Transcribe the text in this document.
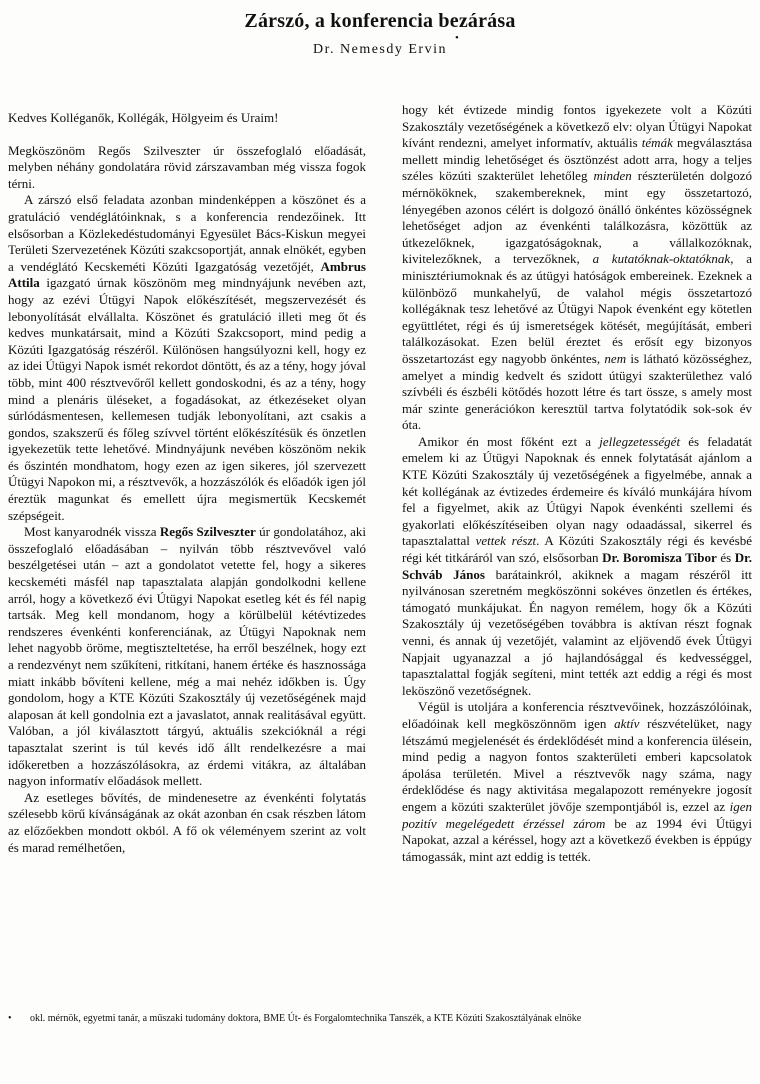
Zárszó, a konferencia bezárása
•
Dr. Nemesdy Ervin

Kedves Kolléganők, Kollégák, Hölgyeim és Uraim!

Megköszönöm Regős Szilveszter úr összefoglaló előadását, melyben néhány gondolatára rövid zárszavamban még vissza fogok térni.

A zárszó első feladata azonban mindenképpen a köszönet és a gratuláció vendéglátóinknak, s a konferencia rendezőinek. Itt elsősorban a Közlekedéstudományi Egyesület Bács-Kiskun megyei Területi Szervezetének Közúti szakcsoportját, annak elnökét, egyben a vendéglátó Kecskeméti Közúti Igazgatóság vezetőjét, Ambrus Attila igazgató úrnak köszönöm meg mindnyájunk nevében azt, hogy az ezévi Útügyi Napok előkészítését, megszervezését és lebonyolítását elvállalta. Köszönet és gratuláció illeti meg őt és kedves munkatársait, mind a Közúti Szakcsoport, mind pedig a Közúti Igazgatóság részéről. Különösen hangsúlyozni kell, hogy ez az idei Útügyi Napok ismét rekordot döntött, és az a tény, hogy jóval több, mint 400 résztvevőről kellett gondoskodni, és az a tény, hogy mind a plenáris üléseket, a fogadásokat, az étkezéseket olyan súrlódásmentesen, kellemesen tudják lebonyolítani, azt csakis a gondos, szakszerű és főleg szívvel történt előkészítésük és önzetlen igyekezetük tette lehetővé. Mindnyájunk nevében köszönöm nekik és őszintén mondhatom, hogy ezen az igen sikeres, jól szervezett Útügyi Napokon mi, a résztvevők, a hozzászólók és előadók igen jól éreztük magunkat és emellett újra megismertük Kecskemét szépségeit.

Most kanyarodnék vissza Regős Szilveszter úr gondolatához, aki összefoglaló előadásában – nyilván több résztvevővel való beszélgetései után – azt a gondolatot vetette fel, hogy a sikeres kecskeméti másfél nap tapasztalata alapján gondolkodni kellene arról, hogy a következő évi Útügyi Napokat esetleg két és fél napig tartsák. Meg kell mondanom, hogy a körülbelül kétévtizedes rendszeres évenkénti konferenciának, az Útügyi Napoknak nem lehet nagyobb öröme, megtiszteltetése, ha erről beszélnek, hogy ezt a rendezvényt nem szűkíteni, ritkítani, hanem értéke és hasznossága miatt inkább bővíteni kellene, még a mai nehéz időkben is. Úgy gondolom, hogy a KTE Közúti Szakosztály új vezetőségének majd alaposan át kell gondolnia ezt a javaslatot, annak realitásával együtt. Valóban, a jól kiválasztott tárgyú, aktuális szekcióknál a régi tapasztalat szerint is túl kevés idő állt rendelkezésre a mai időkeretben a hozzászólásokra, az érdemi vitákra, az általában nagyon informatív előadások mellett.

Az esetleges bővítés, de mindenesetre az évenkénti folytatás szélesebb körű kívánságának az okát azonban én csak részben látom az előzőekben mondott okból. A fő ok véleményem szerint az volt és marad remélhetően,

hogy két évtizede mindig fontos igyekezete volt a Közúti Szakosztály vezetőségének a következő elv: olyan Útügyi Napokat kívánt rendezni, amelyet informatív, aktuális témák megválasztása mellett mindig lehetőséget és ösztönzést adott arra, hogy a teljes széles közúti szakterület lehetőleg minden részterületén dolgozó mérnököknek, szakembereknek, mint egy összetartozó, lényegében azonos célért is dolgozó önálló önkéntes közösségnek lehetőséget adjon az évenkénti találkozásra, közöttük az útkezelőknek, igazgatóságoknak, a vállalkozóknak, kivitelezőknek, a tervezőknek, a kutatóknak-oktatóknak, a minisztériumoknak és az útügyi hatóságok embereinek. Ezeknek a különböző munkahelyű, de valahol mégis összetartozó kollégáknak tesz lehetővé az Útügyi Napok évenként egy kötetlen együttlétet, régi és új ismeretségek kötését, megújítását, emberi találkozásokat. Ezen belül éreztet és erősít egy bizonyos összetartozást egy nagyobb önkéntes, nem is látható közösséghez, amelyet a mindig kedvelt és szidott útügyi szakterülethez való szívbéli és észbéli kötődés hozott létre és tart össze, s amely most már szinte generációkon keresztül tartva folytatódik sok-sok év óta.

Amikor én most főként ezt a jellegzetességét és feladatát emelem ki az Útügyi Napoknak és ennek folytatását ajánlom a KTE Közúti Szakosztály új vezetőségének a figyelmébe, annak a két kollégának az évtizedes érdemeire és kíváló munkájára hívom fel a figyelmet, akik az Útügyi Napok évenkénti szellemi és gyakorlati előkészítéseiben olyan nagy odaadással, sikerrel és tapasztalattal vettek részt. A Közúti Szakosztály régi és kevésbé régi két titkáráról van szó, elsősorban Dr. Boromisza Tibor és Dr. Schváb János barátainkról, akiknek a magam részéről itt nyilvánosan szeretném megköszönni sokéves önzetlen és értékes, támogató munkájukat. Én nagyon remélem, hogy ők a Közúti Szakosztály új vezetőségében továbbra is aktívan részt fognak venni, és annak új vezetőjét, valamint az eljövendő évek Útügyi Napjait ugyanazzal a jó hajlandósággal és kedvességgel, tapasztalattal fogják segíteni, mint tették azt eddig a régi és most leköszönő vezetőségnek.

Végül is utoljára a konferencia résztvevőinek, hozzászólóinak, előadóinak kell megköszönnöm igen aktív részvételüket, nagy létszámú megjelenését és érdeklődését mind a konferencia ülésein, mind pedig a nagyon fontos szakterületi emberi kapcsolatok ápolása területén. Mivel a résztvevők nagy száma, nagy érdeklődése és nagy aktivitása megalapozott reményekre jogosít engem a közúti szakterület jövője szempontjából is, ezzel az igen pozitív megelégedett érzéssel zárom be az 1994 évi Útügyi Napokat, azzal a kéréssel, hogy azt a következő években is éppúgy támogassák, mint azt eddig is tették.

• okl. mérnök, egyetmi tanár, a műszaki tudomány doktora, BME Út- és Forgalomtechnika Tanszék, a KTE Közúti Szakosztályának elnöke
